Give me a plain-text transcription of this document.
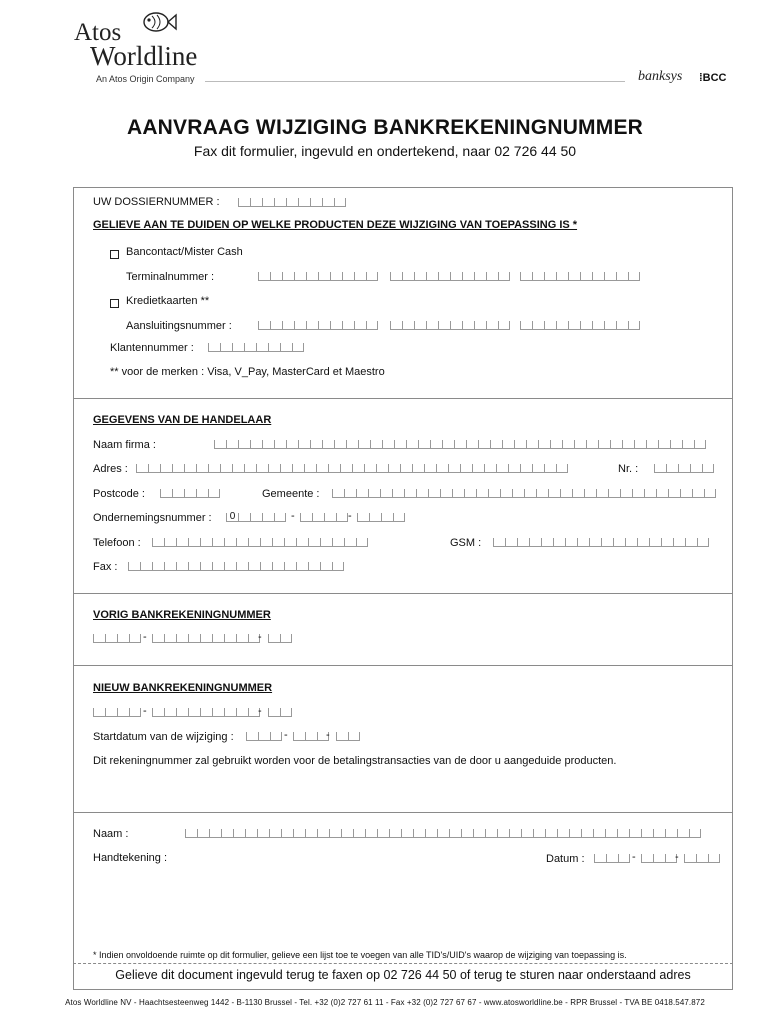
Atos
Worldline
An Atos Origin Company	banksys ⁞BCC
AANVRAAG WIJZIGING BANKREKENINGNUMMER
Fax dit formulier, ingevuld en ondertekend, naar 02 726 44 50
UW DOSSIERNUMMER :
GELIEVE AAN TE DUIDEN OP WELKE PRODUCTEN DEZE WIJZIGING VAN TOEPASSING IS *
Bancontact/Mister Cash
Terminalnummer :
Kredietkaarten **
Aansluitingsnummer :
Klantennummer :
** voor de merken : Visa, V_Pay, MasterCard et Maestro
GEGEVENS VAN DE HANDELAAR
Naam firma :
Adres :	Nr. :
Postcode :	Gemeente :
Ondernemingsnummer :	0	-	-
Telefoon :	GSM :
Fax :
VORIG BANKREKENINGNUMMER
-	-
NIEUW BANKREKENINGNUMMER
-	-
Startdatum van de wijziging :	-	-
Dit rekeningnummer zal gebruikt worden voor de betalingstransacties van de door u aangeduide producten.
Naam :
Handtekening :	Datum :	-	-
* Indien onvoldoende ruimte op dit formulier, gelieve een lijst toe te voegen van alle TID's/UID's waarop de wijziging van toepassing is.
Gelieve dit document ingevuld terug te faxen op 02 726 44 50 of terug te sturen naar onderstaand adres
Atos Worldline NV - Haachtsesteenweg 1442 - B-1130 Brussel - Tel. +32 (0)2 727 61 11 - Fax +32 (0)2 727 67 67 - www.atosworldline.be - RPR Brussel - TVA BE 0418.547.872
